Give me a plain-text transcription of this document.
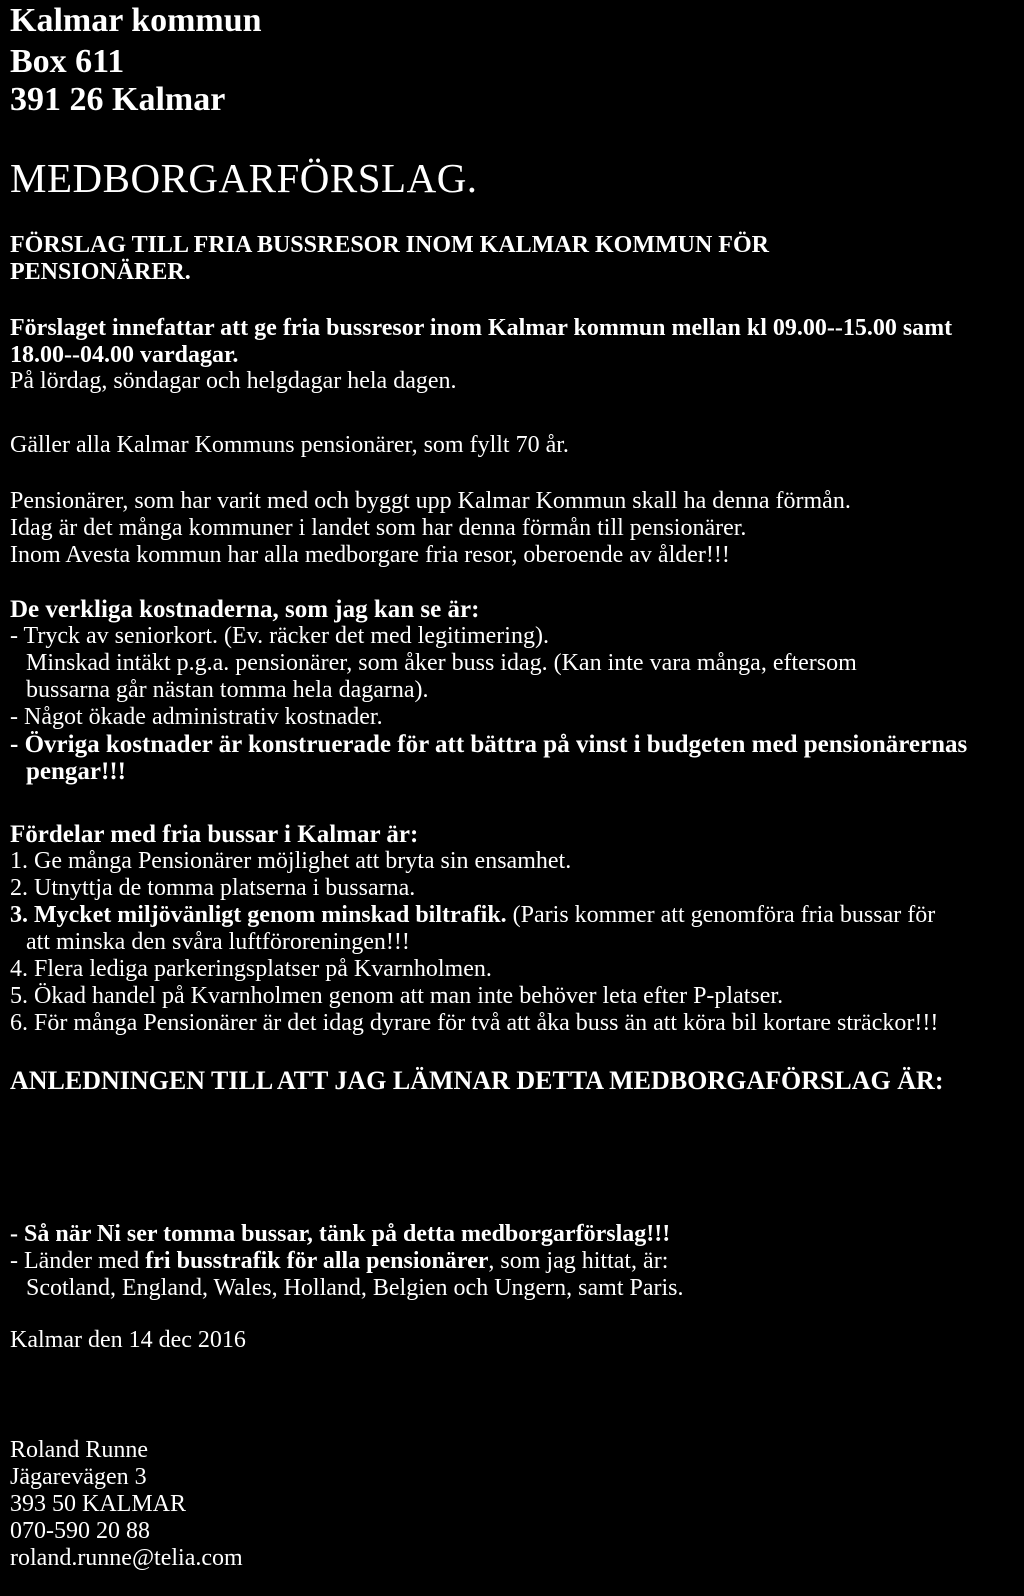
Kalmar kommun
Box 611
391 26 Kalmar
MEDBORGARFÖRSLAG.
FÖRSLAG TILL FRIA BUSSRESOR INOM KALMAR KOMMUN FÖR
PENSIONÄRER.
Förslaget innefattar att ge fria bussresor inom Kalmar kommun mellan kl 09.00--15.00 samt
18.00--04.00 vardagar.
På lördag, söndagar och helgdagar hela dagen.
Gäller alla Kalmar Kommuns pensionärer, som fyllt 70 år.
Pensionärer, som har varit med och byggt upp Kalmar Kommun skall ha denna förmån.
Idag är det många kommuner i landet som har denna förmån till pensionärer.
Inom Avesta kommun har alla medborgare fria resor, oberoende av ålder!!!
De verkliga kostnaderna, som jag kan se är:
- Tryck av seniorkort. (Ev. räcker det med legitimering).
Minskad intäkt p.g.a. pensionärer, som åker buss idag. (Kan inte vara många, eftersom
bussarna går nästan tomma hela dagarna).
- Något ökade administrativ kostnader.
- Övriga kostnader är konstruerade för att bättra på vinst i budgeten med pensionärernas
pengar!!!
Fördelar med fria bussar i Kalmar är:
1. Ge många Pensionärer möjlighet att bryta sin ensamhet.
2. Utnyttja de tomma platserna i bussarna.
3. Mycket miljövänligt genom minskad biltrafik. (Paris kommer att genomföra fria bussar för
att minska den svåra luftföroreningen!!!
4. Flera lediga parkeringsplatser på Kvarnholmen.
5. Ökad handel på Kvarnholmen genom att man inte behöver leta efter P-platser.
6. För många Pensionärer är det idag dyrare för två att åka buss än att köra bil kortare sträckor!!!
ANLEDNINGEN TILL ATT JAG LÄMNAR DETTA MEDBORGAFÖRSLAG ÄR:
- Så när Ni ser tomma bussar, tänk på detta medborgarförslag!!!
- Länder med fri busstrafik för alla pensionärer, som jag hittat, är:
Scotland, England, Wales, Holland, Belgien och Ungern, samt Paris.
Kalmar den 14 dec 2016
Roland Runne
Jägarevägen 3
393 50 KALMAR
070-590 20 88
roland.runne@telia.com
